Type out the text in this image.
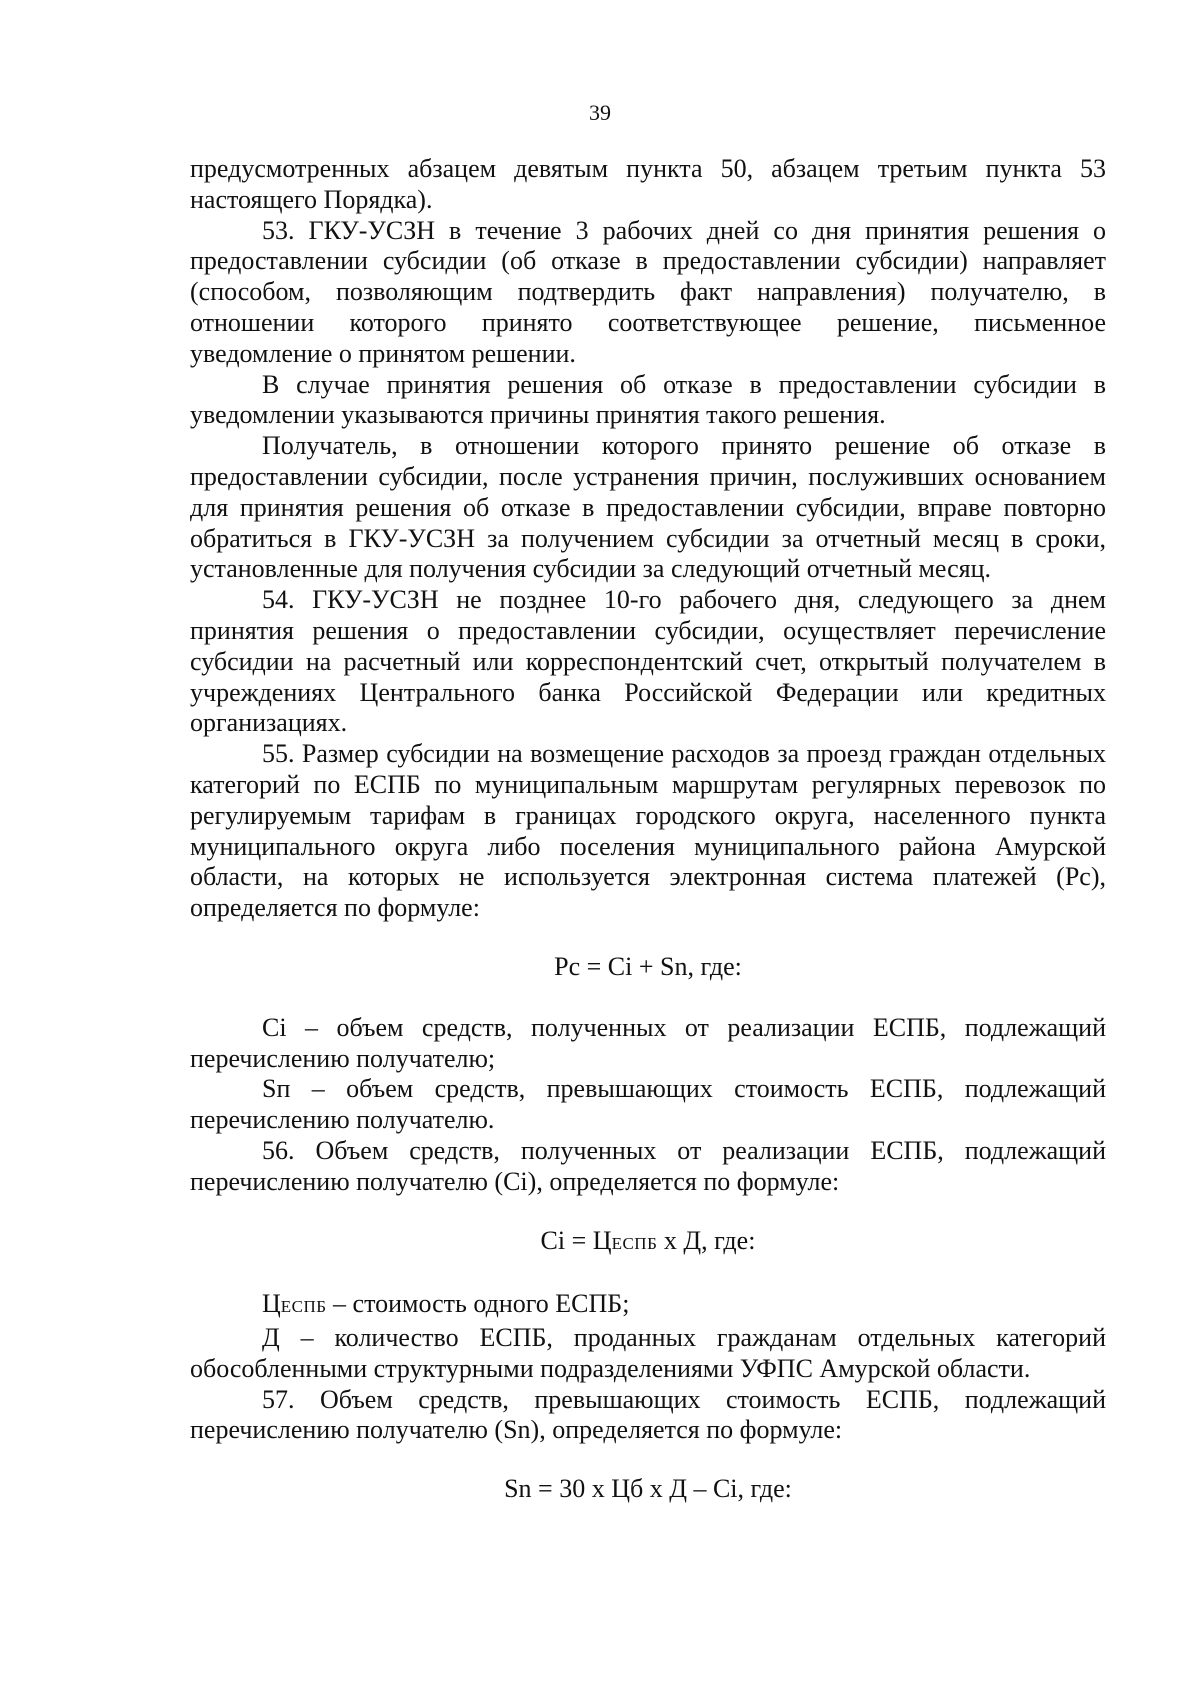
39

предусмотренных абзацем девятым пункта 50, абзацем третьим пункта 53 настоящего Порядка).

53. ГКУ-УСЗН в течение 3 рабочих дней со дня принятия решения о предоставлении субсидии (об отказе в предоставлении субсидии) направляет (способом, позволяющим подтвердить факт направления) получателю, в отношении которого принято соответствующее решение, письменное уведомление о принятом решении.

В случае принятия решения об отказе в предоставлении субсидии в уведомлении указываются причины принятия такого решения.

Получатель, в отношении которого принято решение об отказе в предоставлении субсидии, после устранения причин, послуживших основанием для принятия решения об отказе в предоставлении субсидии, вправе повторно обратиться в ГКУ-УСЗН за получением субсидии за отчетный месяц в сроки, установленные для получения субсидии за следующий отчетный месяц.

54. ГКУ-УСЗН не позднее 10-го рабочего дня, следующего за днем принятия решения о предоставлении субсидии, осуществляет перечисление субсидии на расчетный или корреспондентский счет, открытый получателем в учреждениях Центрального банка Российской Федерации или кредитных организациях.

55. Размер субсидии на возмещение расходов за проезд граждан отдельных категорий по ЕСПБ по муниципальным маршрутам регулярных перевозок по регулируемым тарифам в границах городского округа, населенного пункта муниципального округа либо поселения муниципального района Амурской области, на которых не используется электронная система платежей (Рс), определяется по формуле:

Рс = Сi + Sn, где:

Сi – объем средств, полученных от реализации ЕСПБ, подлежащий перечислению получателю;

Sп – объем средств, превышающих стоимость ЕСПБ, подлежащий перечислению получателю.

56. Объем средств, полученных от реализации ЕСПБ, подлежащий перечислению получателю (Сi), определяется по формуле:

Сi = ЦЕСПБ х Д, где:

ЦЕСПБ – стоимость одного ЕСПБ;

Д – количество ЕСПБ, проданных гражданам отдельных категорий обособленными структурными подразделениями УФПС Амурской области.

57. Объем средств, превышающих стоимость ЕСПБ, подлежащий перечислению получателю (Sn), определяется по формуле:

Sn = 30 х Цб х Д – Сi, где:
